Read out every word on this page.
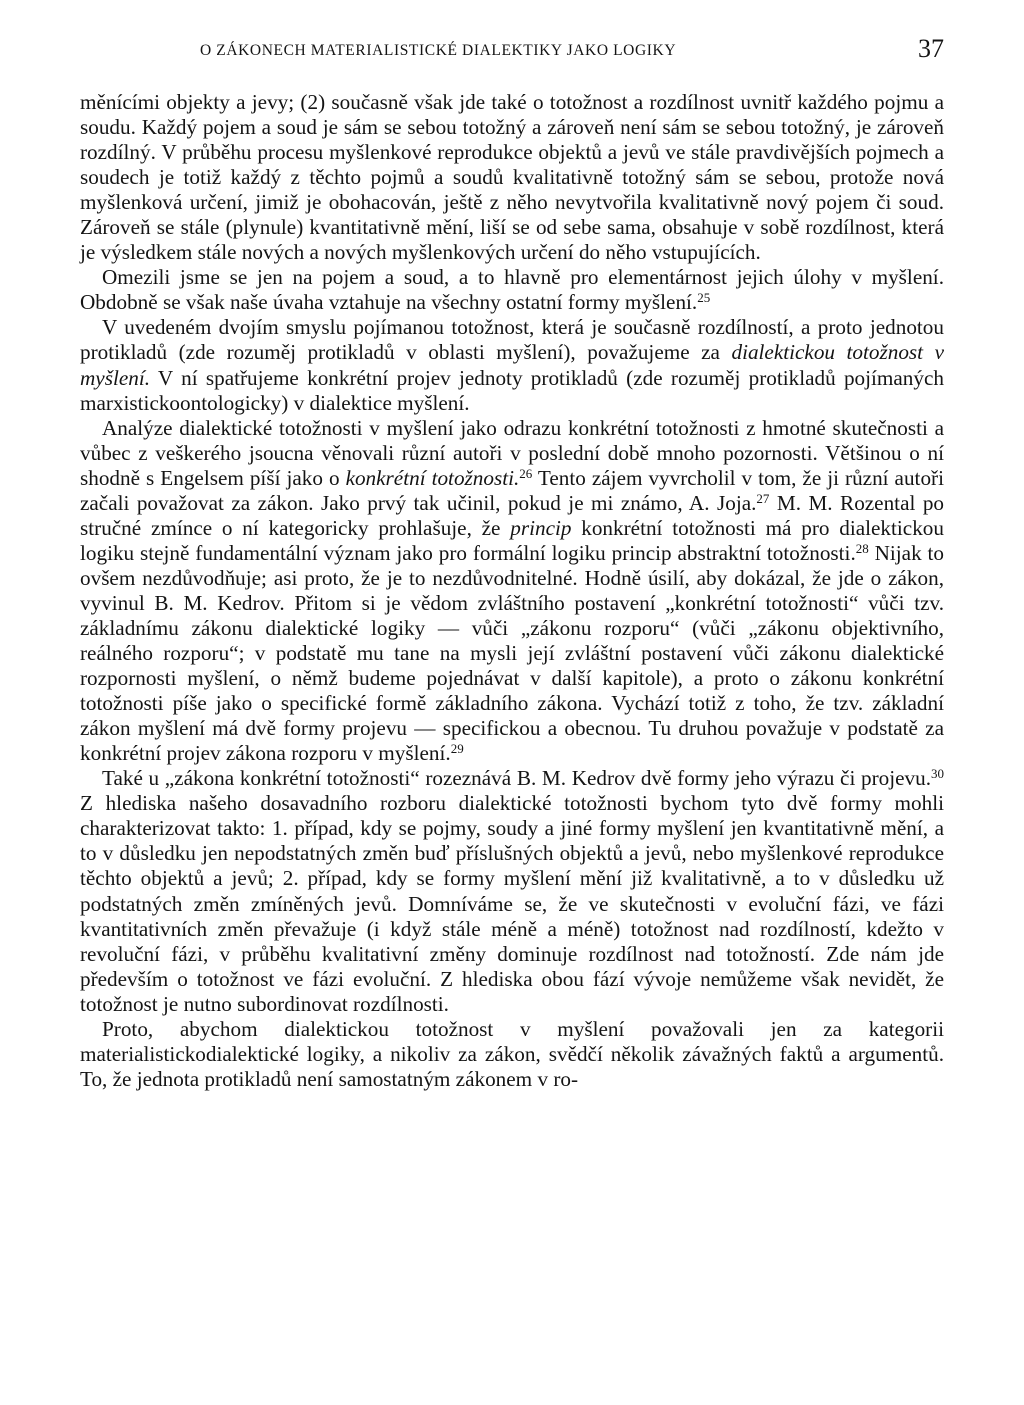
O ZÁKONECH MATERIALISTICKÉ DIALEKTIKY JAKO LOGIKY	37

měnícími objekty a jevy; (2) současně však jde také o totožnost a rozdílnost uvnitř každého pojmu a soudu. Každý pojem a soud je sám se sebou totožný a zároveň není sám se sebou totožný, je zároveň rozdílný. V průběhu procesu myšlenkové reprodukce objektů a jevů ve stále pravdivějších pojmech a soudech je totiž každý z těchto pojmů a soudů kvalitativně totožný sám se sebou, protože nová myšlenková určení, jimiž je obohacován, ještě z něho nevytvořila kvalitativně nový pojem či soud. Zároveň se stále (plynule) kvantitativně mění, liší se od sebe sama, obsahuje v sobě rozdílnost, která je výsledkem stále nových a nových myšlenkových určení do něho vstupujících.

Omezili jsme se jen na pojem a soud, a to hlavně pro elementárnost jejich úlohy v myšlení. Obdobně se však naše úvaha vztahuje na všechny ostatní formy myšlení.$^{25}$

V uvedeném dvojím smyslu pojímanou totožnost, která je současně rozdílností, a proto jednotou protikladů (zde rozuměj protikladů v oblasti myšlení), považujeme za dialektickou totožnost v myšlení. V ní spatřujeme konkrétní projev jednoty protikladů (zde rozuměj protikladů pojímaných marxistickoontologicky) v dialektice myšlení.

Analýze dialektické totožnosti v myšlení jako odrazu konkrétní totožnosti z hmotné skutečnosti a vůbec z veškerého jsoucna věnovali různí autoři v poslední době mnoho pozornosti. Většinou o ní shodně s Engelsem píší jako o konkrétní totožnosti.$^{26}$ Tento zájem vyvrcholil v tom, že ji různí autoři začali považovat za zákon. Jako prvý tak učinil, pokud je mi známo, A. Joja.$^{27}$ M. M. Rozental po stručné zmínce o ní kategoricky prohlašuje, že princip konkrétní totožnosti má pro dialektickou logiku stejně fundamentální význam jako pro formální logiku princip abstraktní totožnosti.$^{28}$ Nijak to ovšem nezdůvodňuje; asi proto, že je to nezdůvodnitelné. Hodně úsilí, aby dokázal, že jde o zákon, vyvinul B. M. Kedrov. Přitom si je vědom zvláštního postavení „konkrétní totožnosti“ vůči tzv. základnímu zákonu dialektické logiky — vůči „zákonu rozporu“ (vůči „zákonu objektivního, reálného rozporu“; v podstatě mu tane na mysli její zvláštní postavení vůči zákonu dialektické rozpornosti myšlení, o němž budeme pojednávat v další kapitole), a proto o zákonu konkrétní totožnosti píše jako o specifické formě základního zákona. Vychází totiž z toho, že tzv. základní zákon myšlení má dvě formy projevu — specifickou a obecnou. Tu druhou považuje v podstatě za konkrétní projev zákona rozporu v myšlení.$^{29}$

Také u „zákona konkrétní totožnosti“ rozeznává B. M. Kedrov dvě formy jeho výrazu či projevu.$^{30}$ Z hlediska našeho dosavadního rozboru dialektické totožnosti bychom tyto dvě formy mohli charakterizovat takto: 1. případ, kdy se pojmy, soudy a jiné formy myšlení jen kvantitativně mění, a to v důsledku jen nepodstatných změn buď příslušných objektů a jevů, nebo myšlenkové reprodukce těchto objektů a jevů; 2. případ, kdy se formy myšlení mění již kvalitativně, a to v důsledku už podstatných změn zmíněných jevů. Domníváme se, že ve skutečnosti v evoluční fázi, ve fázi kvantitativních změn převažuje (i když stále méně a méně) totožnost nad rozdílností, kdežto v revoluční fázi, v průběhu kvalitativní změny dominuje rozdílnost nad totožností. Zde nám jde především o totožnost ve fázi evoluční. Z hlediska obou fází vývoje nemůžeme však nevidět, že totožnost je nutno subordinovat rozdílnosti.

Proto, abychom dialektickou totožnost v myšlení považovali jen za kategorii materialistickodialektické logiky, a nikoliv za zákon, svědčí několik závažných faktů a argumentů. To, že jednota protikladů není samostatným zákonem v ro-
